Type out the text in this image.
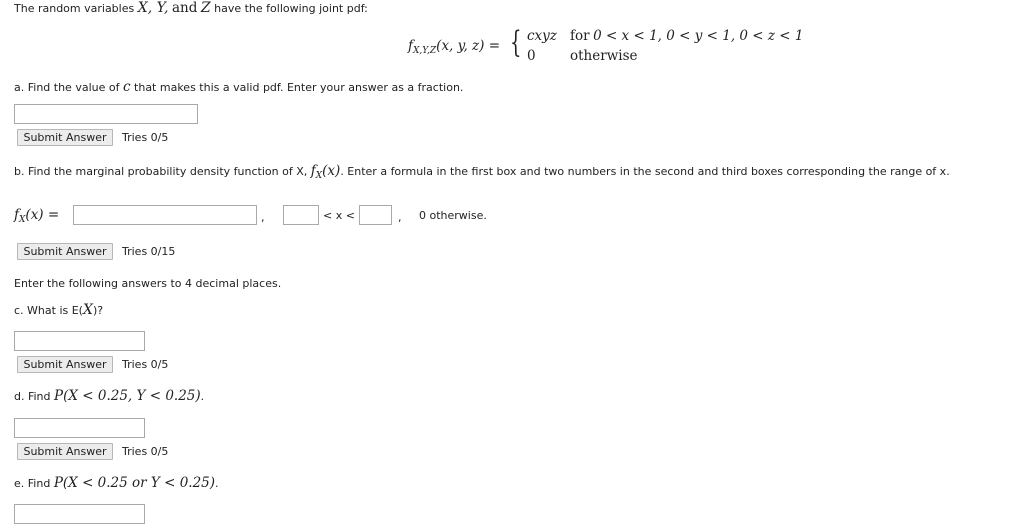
The random variables X, Y, and Z have the following joint pdf:
$f_{X,Y,Z}(x$, y, z) = { cxyz for 0 < x < 1, 0 < y < 1, 0 < z < 1
0	otherwise
a. Find the value of c that makes this a valid pdf. Enter your answer as a fraction.
Submit Answer	Tries 0/5
b. Find the marginal probability density function of X, $f_X(x)$. Enter a formula in the first box and two numbers in the second and third boxes corresponding the range of x.
$f_X(x)$ =	,	< x <	, 0 otherwise.
Submit Answer	Tries 0/15
Enter the following answers to 4 decimal places.
c. What is E(X)?
Submit Answer	Tries 0/5
d. Find P(X < 0.25, Y < 0.25).
Submit Answer	Tries 0/5
e. Find P(X < 0.25 or Y < 0.25).
